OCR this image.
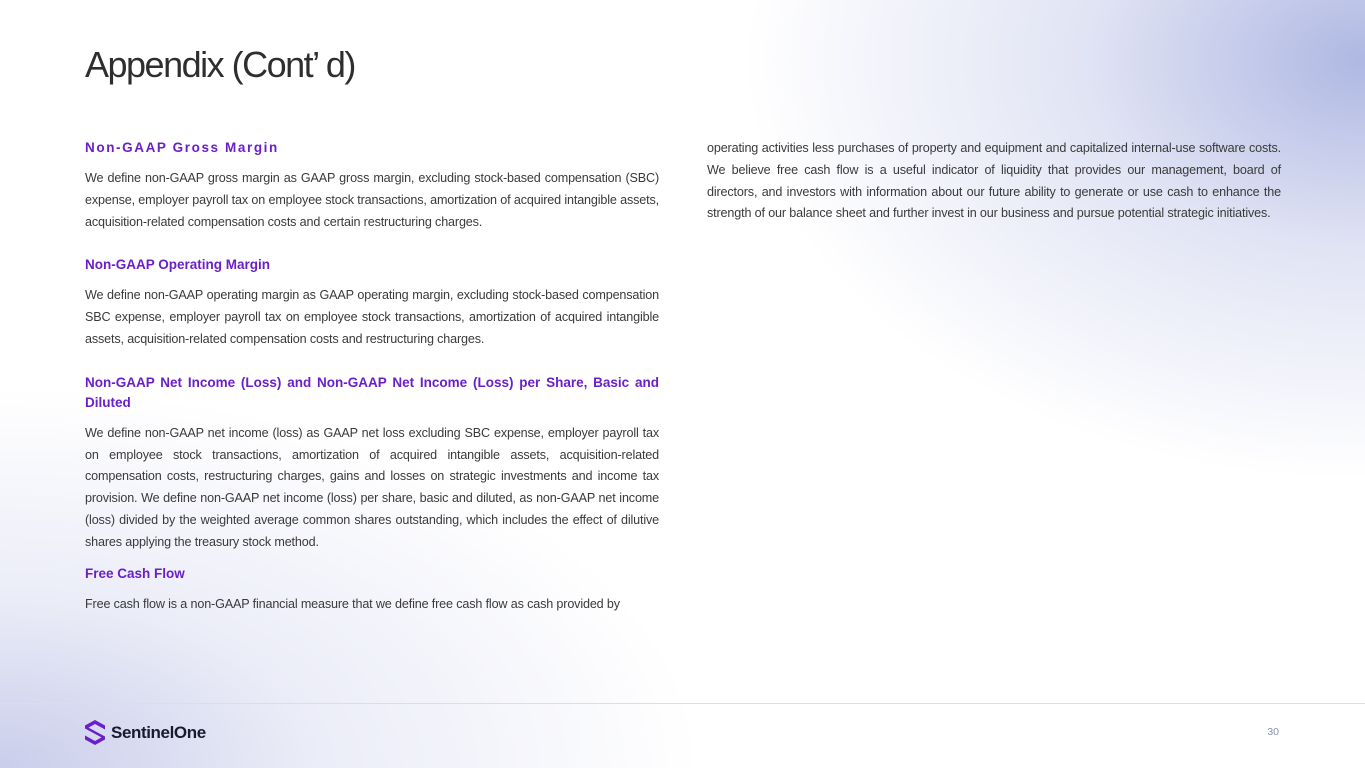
Appendix (Cont’ d)
Non-GAAP Gross Margin

We define non-GAAP gross margin as GAAP gross margin, excluding stock-based compensation (SBC) expense, employer payroll tax on employee stock transactions, amortization of acquired intangible assets, acquisition-related compensation costs and certain restructuring charges.

Non-GAAP Operating Margin

We define non-GAAP operating margin as GAAP operating margin, excluding stock-based compensation SBC expense, employer payroll tax on employee stock transactions, amortization of acquired intangible assets, acquisition-related compensation costs and restructuring charges.

Non-GAAP Net Income (Loss) and Non-GAAP Net Income (Loss) per Share, Basic and Diluted

We define non-GAAP net income (loss) as GAAP net loss excluding SBC expense, employer payroll tax on employee stock transactions, amortization of acquired intangible assets, acquisition-related compensation costs, restructuring charges, gains and losses on strategic investments and income tax provision. We define non-GAAP net income (loss) per share, basic and diluted, as non-GAAP net income (loss) divided by the weighted average common shares outstanding, which includes the effect of dilutive shares applying the treasury stock method.

Free Cash Flow

Free cash flow is a non-GAAP financial measure that we define free cash flow as cash provided by

operating activities less purchases of property and equipment and capitalized internal-use software costs. We believe free cash flow is a useful indicator of liquidity that provides our management, board of directors, and investors with information about our future ability to generate or use cash to enhance the strength of our balance sheet and further invest in our business and pursue potential strategic initiatives.

SentinelOne	30
